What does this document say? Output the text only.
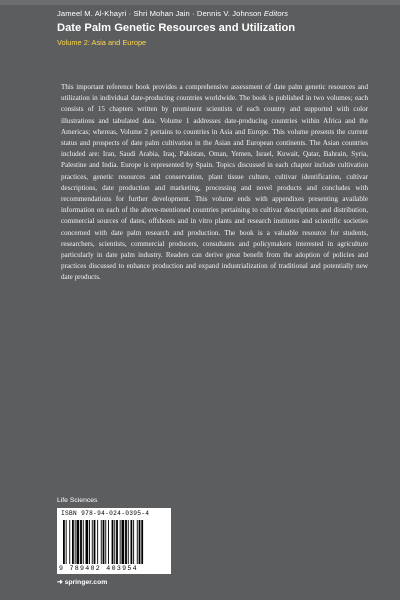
Jameel M. Al-Khayri · Shri Mohan Jain · Dennis V. Johnson Editors
Date Palm Genetic Resources and Utilization
Volume 2: Asia and Europe

This important reference book provides a comprehensive assessment of date palm genetic resources and utilization in individual date-producing countries worldwide. The book is published in two volumes; each consists of 15 chapters written by prominent scientists of each country and supported with color illustrations and tabulated data. Volume 1 addresses date-producing countries within Africa and the Americas; whereas, Volume 2 pertains to countries in Asia and Europe. This volume presents the current status and prospects of date palm cultivation in the Asian and European continents. The Asian countries included are: Iran, Saudi Arabia, Iraq, Pakistan, Oman, Yemen, Israel, Kuwait, Qatar, Bahrain, Syria, Palestine and India. Europe is represented by Spain. Topics discussed in each chapter include cultivation practices, genetic resources and conservation, plant tissue culture, cultivar identification, cultivar descriptions, date production and marketing, processing and novel products and concludes with recommendations for further development. This volume ends with appendixes presenting available information on each of the above-mentioned countries pertaining to cultivar descriptions and distribution, commercial sources of dates, offshoots and in vitro plants and research institutes and scientific societies concerned with date palm research and production. The book is a valuable resource for students, researchers, scientists, commercial producers, consultants and policymakers interested in agriculture particularly in date palm industry. Readers can derive great benefit from the adoption of policies and practices discussed to enhance production and expand industrialization of traditional and potentially new date products.

Life Sciences
ISBN 978-94-024-0395-4
9 789402 403954
➜ springer.com
